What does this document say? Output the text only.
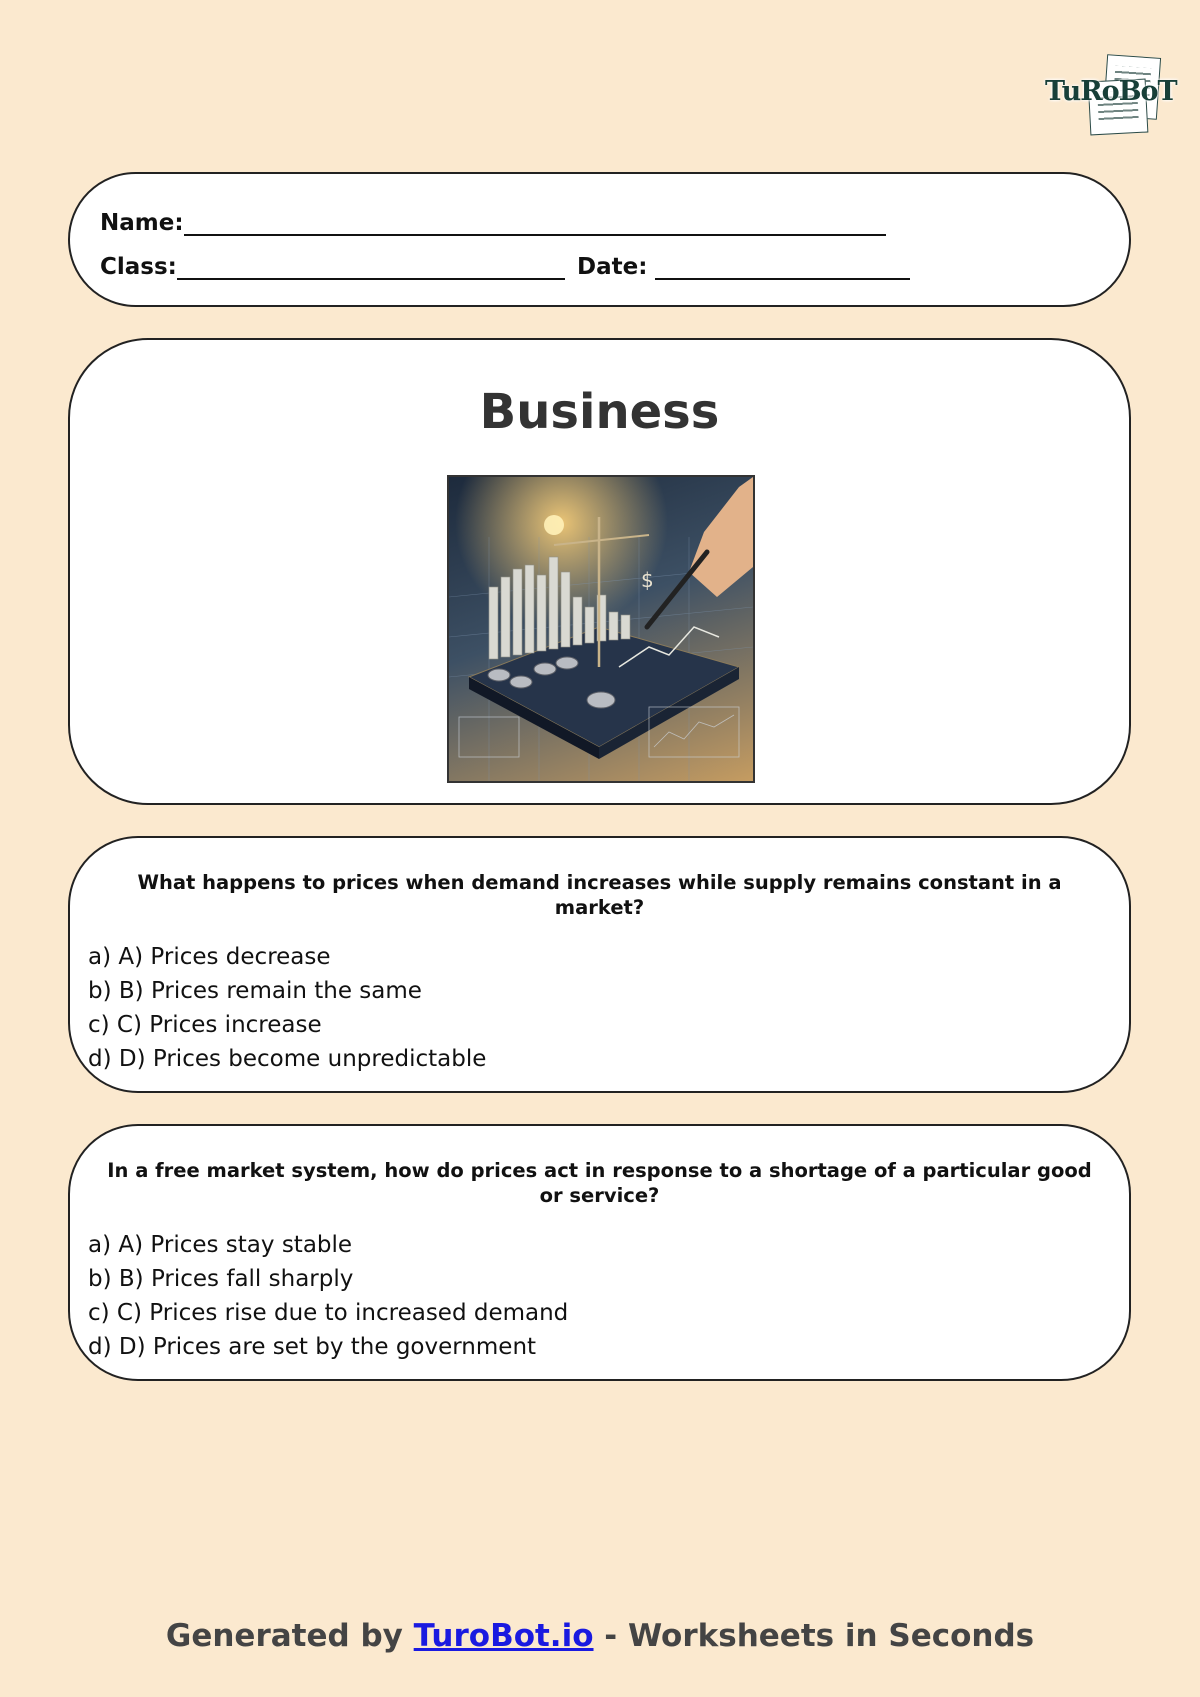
TuRoBoT
Name:
Class:	Date:
Business
$
What happens to prices when demand increases while supply remains constant in a market?
a) A) Prices decrease
b) B) Prices remain the same
c) C) Prices increase
d) D) Prices become unpredictable
In a free market system, how do prices act in response to a shortage of a particular good or service?
a) A) Prices stay stable
b) B) Prices fall sharply
c) C) Prices rise due to increased demand
d) D) Prices are set by the government
Generated by TuroBot.io - Worksheets in Seconds
